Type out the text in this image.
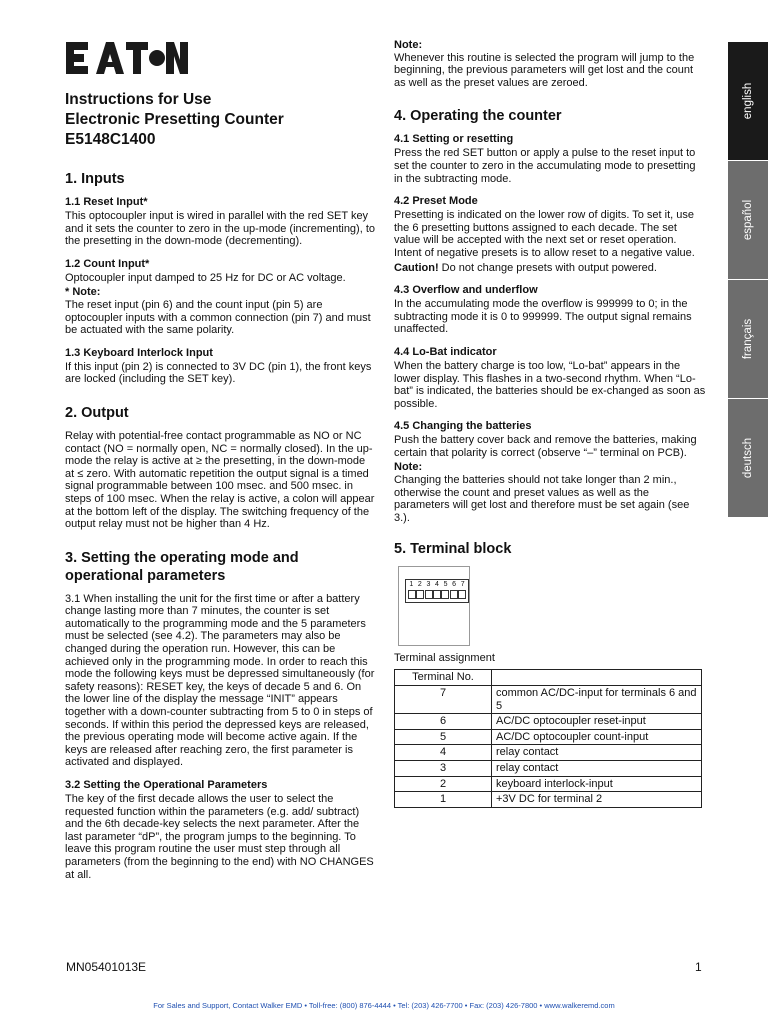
english
español
français
deutsch
Instructions for Use
Electronic Presetting Counter
E5148C1400
1. Inputs
1.1 Reset Input*

This optocoupler input is wired in parallel with the red SET key and it sets the counter to zero in the up-mode (incrementing), to the presetting in the down-mode (decrementing).

1.2 Count Input*

Optocoupler input damped to 25 Hz for DC or AC voltage.

* Note:

The reset input (pin 6) and the count input (pin 5) are optocoupler inputs with a common connection (pin 7) and must be actuated with the same polarity.

1.3 Keyboard Interlock Input

If this input (pin 2) is connected to 3V DC (pin 1), the front keys are locked (including the SET key).

2. Output

Relay with potential-free contact programmable as NO or NC contact (NO = normally open, NC = normally closed). In the up-mode the relay is active at ≥ the presetting, in the down-mode at ≤ zero. With automatic repetition the output signal is a timed signal programmable between 100 msec. and 500 msec. in steps of 100 msec. When the relay is active, a colon will appear at the bottom left of the display. The switching frequency of the output relay must not be higher than 4 Hz.

3. Setting the operating mode and operational parameters

3.1 When installing the unit for the first time or after a battery change lasting more than 7 minutes, the counter is set automatically to the programming mode and the 5 parameters must be selected (see 4.2). The parameters may also be changed during the operation run. However, this can be achieved only in the programming mode. In order to reach this mode the following keys must be depressed simultaneously (for safety reasons): RESET key, the keys of decade 5 and 6. On the lower line of the display the message “INIT” appears together with a down-counter subtracting from 5 to 0 in steps of seconds. If within this period the depressed keys are released, the previous operating mode will become active again. If the keys are released after reaching zero, the first parameter is activated and displayed.

3.2 Setting the Operational Parameters

The key of the first decade allows the user to select the requested function within the parameters (e.g. add/ subtract) and the 6th decade-key selects the next parameter. After the last parameter “dP”, the program jumps to the beginning. To leave this program routine the user must step through all parameters (from the beginning to the end) with NO CHANGES at all.

Note:

Whenever this routine is selected the program will jump to the beginning, the previous parameters will get lost and the count as well as the preset values are zeroed.

4. Operating the counter
4.1 Setting or resetting

Press the red SET button or apply a pulse to the reset input to set the counter to zero in the accumulating mode to presetting in the subtracting mode.

4.2 Preset Mode

Presetting is indicated on the lower row of digits. To set it, use the 6 presetting buttons assigned to each decade. The set value will be accepted with the next set or reset operation. Intent of negative presets is to allow reset to a negative value.

Caution! Do not change presets with output powered.

4.3 Overflow and underflow

In the accumulating mode the overflow is 999999 to 0; in the subtracting mode it is 0 to 999999. The output signal remains unaffected.

4.4 Lo-Bat indicator

When the battery charge is too low, “Lo-bat” appears in the lower display. This flashes in a two-second rhythm. When “Lo-bat” is indicated, the batteries should be ex-changed as soon as possible.

4.5 Changing the batteries

Push the battery cover back and remove the batteries, making certain that polarity is correct (observe “–” terminal on PCB).

Note:

Changing the batteries should not take longer than 2 min., otherwise the count and preset values as well as the parameters will get lost and therefore must be set again (see 3.).

5. Terminal block
1 2 3 4 5 6 7
Terminal assignment
Terminal No.	
7	common AC/DC-input for terminals 6 and 5
6	AC/DC optocoupler reset-input
5	AC/DC optocoupler count-input
4	relay contact
3	relay contact
2	keyboard interlock-input
1	+3V DC for terminal 2
MN05401013E	1
For Sales and Support, Contact Walker EMD • Toll-free: (800) 876-4444 • Tel: (203) 426-7700 • Fax: (203) 426-7800 • www.walkeremd.com
